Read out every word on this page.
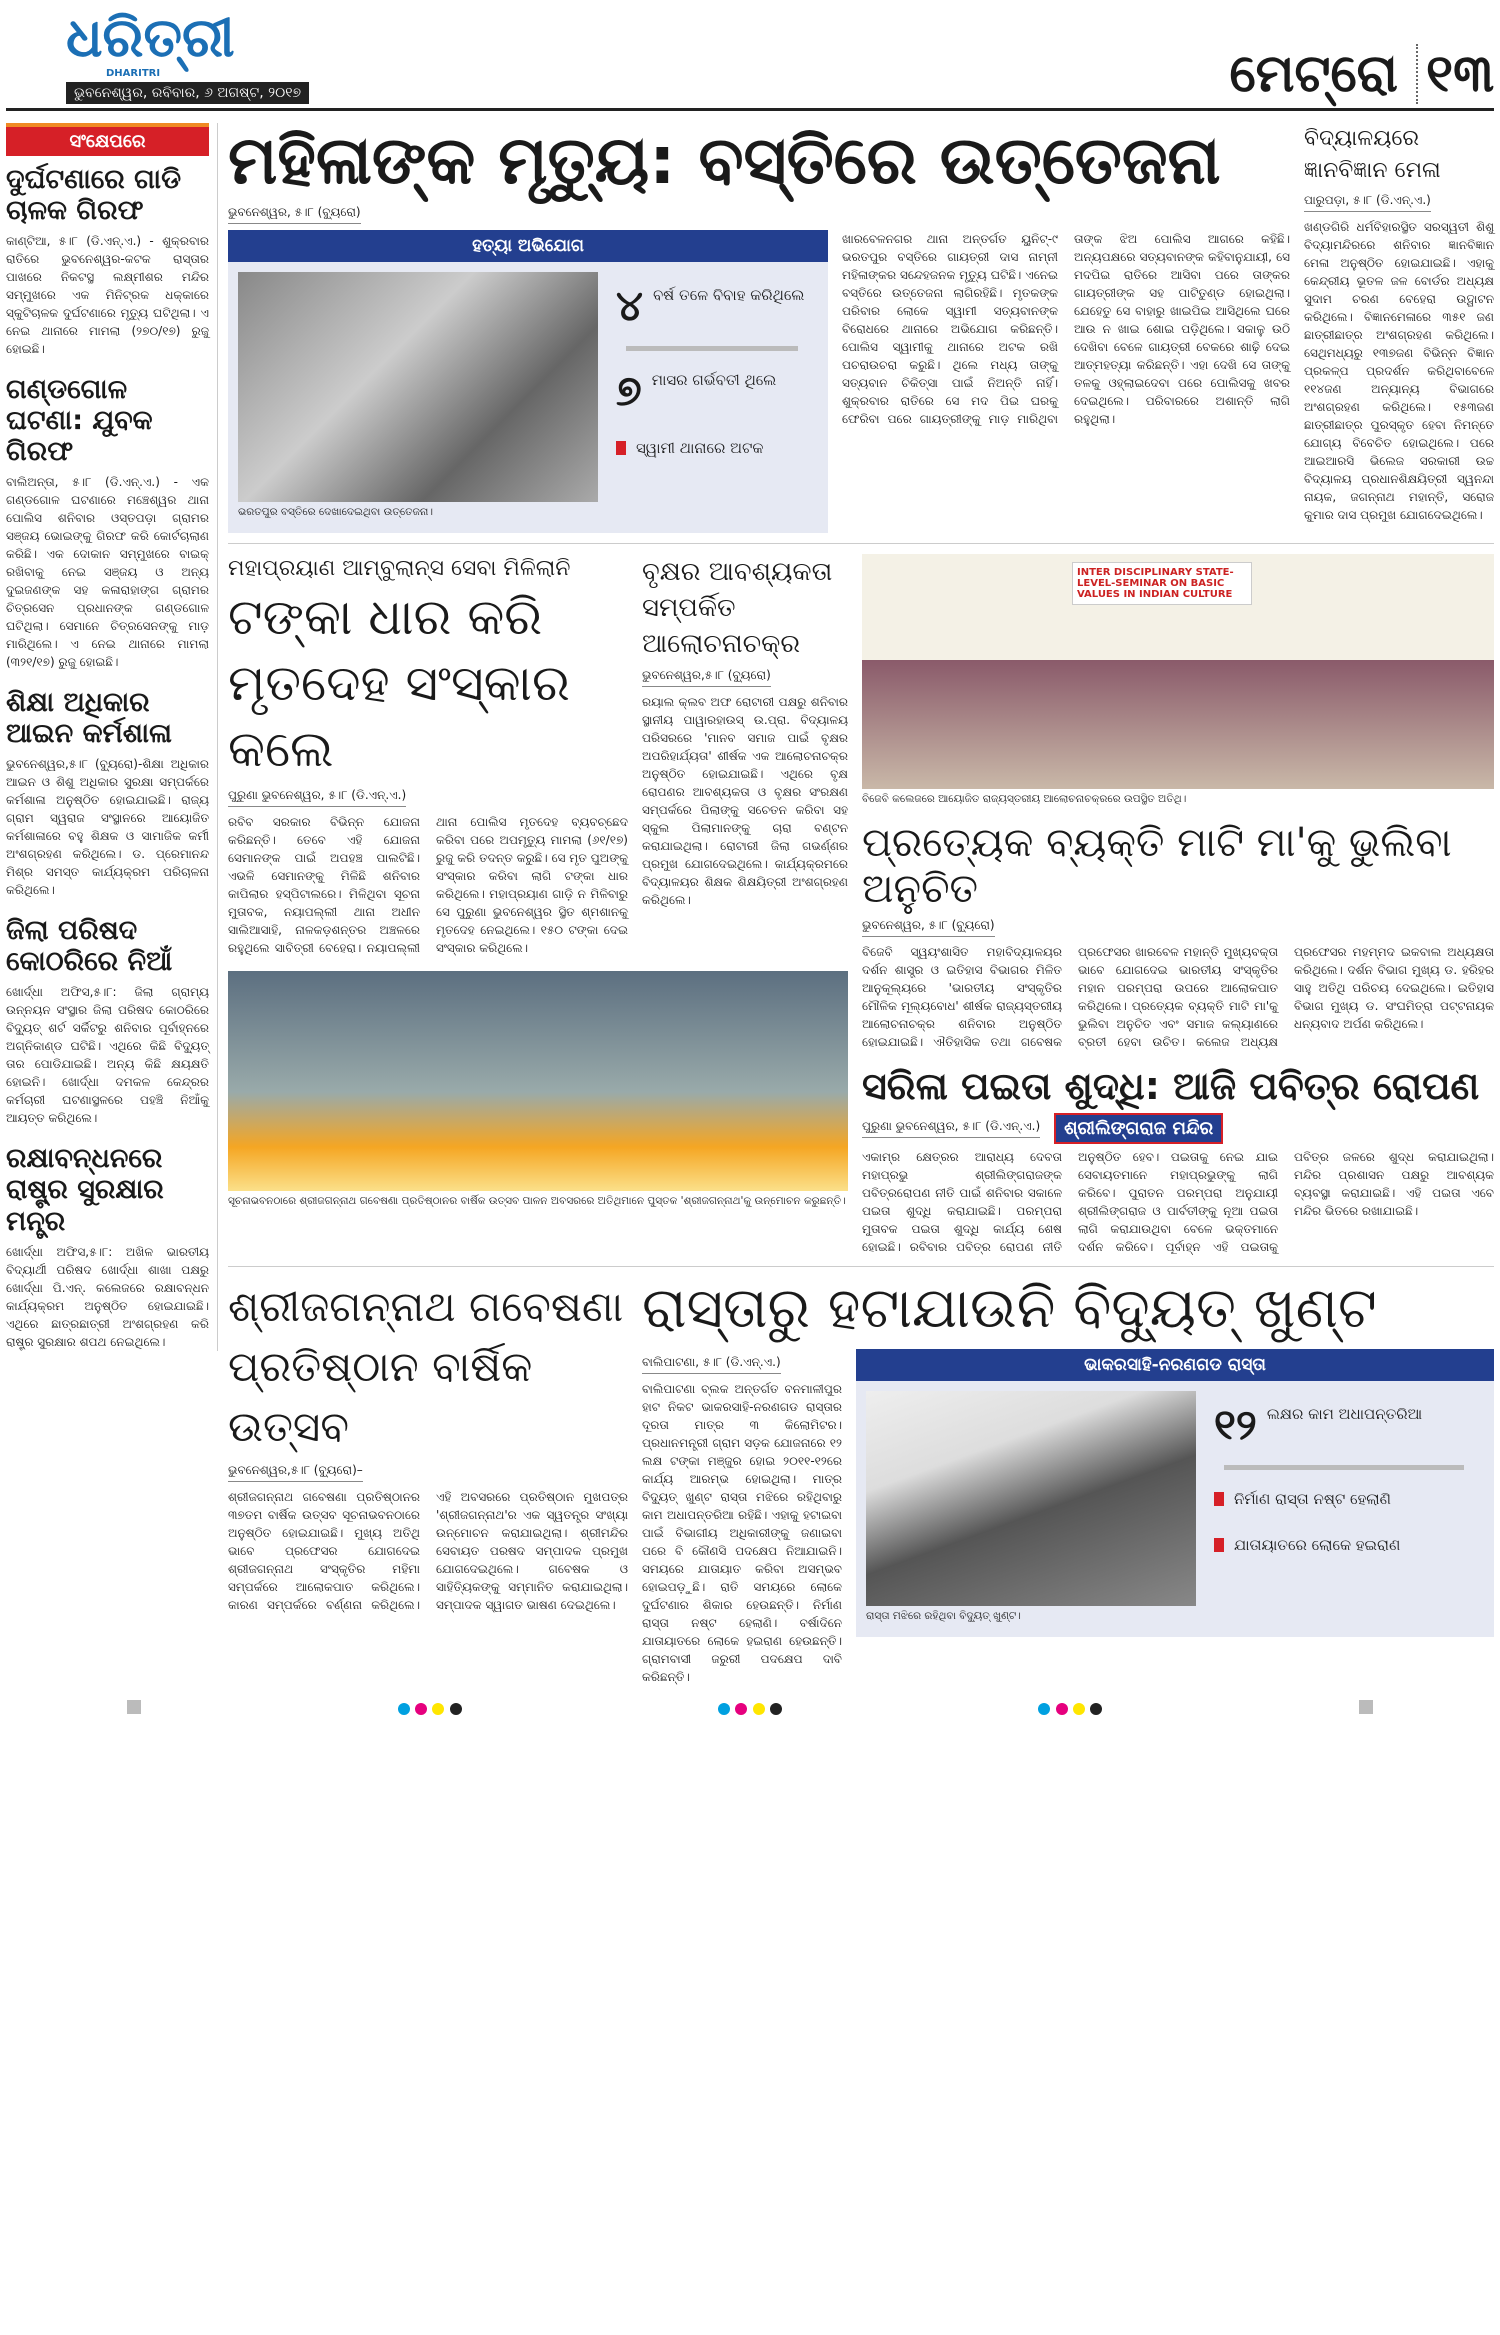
ଧରିତ୍ରୀ
DHARITRI
ଭୁବନେଶ୍ୱର, ରବିବାର, ୬ ଅଗଷ୍ଟ, ୨୦୧୭	ମେଟ୍ରୋ ୧୩
ସଂକ୍ଷେପରେ
ଦୁର୍ଘଟଣାରେ ଗାଡି ଚାଳକ ଗିରଫ
କାଣ୍ଟିଆ, ୫।୮ (ଡି.ଏନ୍.ଏ.) - ଶୁକ୍ରବାର ରାତିରେ ଭୁବନେଶ୍ୱର-କଟକ ରାସ୍ତାର ପାଖରେ ନିକଟସ୍ଥ ଲକ୍ଷ୍ମୀଶର ମନ୍ଦିର ସମ୍ମୁଖରେ ଏକ ମିନିଟ୍ରକ ଧକ୍କାରେ ସ୍କୁଟିଚାଳକ ଦୁର୍ଘଟଣାରେ ମୃତ୍ୟୁ ଘଟିଥିଲା। ଏ ନେଇ ଥାନାରେ ମାମଲା (୨୭୦/୧୭) ରୁଜୁ ହୋଇଛି।
ଗଣ୍ଡଗୋଳ ଘଟଣା: ଯୁବକ ଗିରଫ
ବାଲିଅନ୍ତା, ୫।୮ (ଡି.ଏନ୍.ଏ.) - ଏକ ଗଣ୍ଡଗୋଳ ଘଟଣାରେ ମଞ୍ଚେଶ୍ୱର ଥାନା ପୋଲିସ ଶନିବାର ଓସ୍ତପଡ଼ା ଗ୍ରାମର ସଞ୍ଜୟ ଭୋଇଙ୍କୁ ଗିରଫ କରି କୋର୍ଟଚାଲାଣ କରିଛି। ଏକ ଦୋକାନ ସମ୍ମୁଖରେ ବାଇକ୍ ରଖିବାକୁ ନେଇ ସଞ୍ଜୟ ଓ ଅନ୍ୟ ଦୁଇଜଣଙ୍କ ସହ କଳାରାହାଙ୍ଗ ଗ୍ରାମର ଚିତ୍ରସେନ ପ୍ରଧାନଙ୍କ ଗଣ୍ଡଗୋଳ ଘଟିଥିଲା। ସେମାନେ ଚିତ୍ରସେନଙ୍କୁ ମାଡ଼ ମାରିଥିଲେ। ଏ ନେଇ ଥାନାରେ ମାମଲା (୩୨୧/୧୭) ରୁଜୁ ହୋଇଛି।
ଶିକ୍ଷା ଅଧିକାର ଆଇନ କର୍ମଶାଳା
ଭୁବନେଶ୍ୱର,୫।୮ (ବ୍ୟୁରୋ)-ଶିକ୍ଷା ଅଧିକାର ଆଇନ ଓ ଶିଶୁ ଅଧିକାର ସୁରକ୍ଷା ସମ୍ପର୍କରେ କର୍ମଶାଳା ଅନୁଷ୍ଠିତ ହୋଇଯାଇଛି। ରାଜ୍ୟ ଗ୍ରାମ ସ୍ୱରାଜ ସଂସ୍ଥାନରେ ଆୟୋଜିତ କର୍ମଶାଳାରେ ବହୁ ଶିକ୍ଷକ ଓ ସାମାଜିକ କର୍ମୀ ଅଂଶଗ୍ରହଣ କରିଥିଲେ। ଡ. ପ୍ରେମାନନ୍ଦ ମିଶ୍ର ସମସ୍ତ କାର୍ଯ୍ୟକ୍ରମ ପରିଚାଳନା କରିଥିଲେ।
ଜିଲା ପରିଷଦ କୋଠରିରେ ନିଆଁ
ଖୋର୍ଦ୍ଧା ଅଫିସ,୫।୮: ଜିଲା ଗ୍ରାମ୍ୟ ଉନ୍ନୟନ ସଂସ୍ଥାର ଜିଲା ପରିଷଦ କୋଠରିରେ ବିଦ୍ୟୁତ୍ ଶର୍ଟ ସର୍କିଟରୁ ଶନିବାର ପୂର୍ବାହ୍ନରେ ଅଗ୍ନିକାଣ୍ଡ ଘଟିଛି। ଏଥିରେ କିଛି ବିଦ୍ୟୁତ୍ ତାର ପୋଡିଯାଇଛି। ଅନ୍ୟ କିଛି କ୍ଷୟକ୍ଷତି ହୋଇନି। ଖୋର୍ଦ୍ଧା ଦମକଳ କେନ୍ଦ୍ରର କର୍ମଚାରୀ ଘଟଣାସ୍ଥଳରେ ପହଞ୍ଚି ନିଆଁକୁ ଆୟତ୍ତ କରିଥିଲେ।
ରକ୍ଷାବନ୍ଧନରେ ରାଷ୍ଟ୍ର ସୁରକ୍ଷାର ମନ୍ତ୍ର
ଖୋର୍ଦ୍ଧା ଅଫିସ,୫।୮: ଅଖିଳ ଭାରତୀୟ ବିଦ୍ୟାର୍ଥୀ ପରିଷଦ ଖୋର୍ଦ୍ଧା ଶାଖା ପକ୍ଷରୁ ଖୋର୍ଦ୍ଧା ପି.ଏନ୍. କଲେଜରେ ରକ୍ଷାବନ୍ଧନ କାର୍ଯ୍ୟକ୍ରମ ଅନୁଷ୍ଠିତ ହୋଇଯାଇଛି। ଏଥିରେ ଛାତ୍ରଛାତ୍ରୀ ଅଂଶଗ୍ରହଣ କରି ରାଷ୍ଟ୍ର ସୁରକ୍ଷାର ଶପଥ ନେଇଥିଲେ।
ମହିଳାଙ୍କ ମୃତ୍ୟୁ: ବସ୍ତିରେ ଉତ୍ତେଜନା
ଭୁବନେଶ୍ୱର, ୫।୮ (ବ୍ୟୁରୋ)
ହତ୍ୟା ଅଭିଯୋଗ
ଭରତପୁର ବସ୍ତିରେ ଦେଖାଦେଇଥିବା ଉତ୍ତେଜନା।
୪ ବର୍ଷ ତଳେ ବିବାହ କରିଥିଲେ
୭ ମାସର ଗର୍ଭବତୀ ଥିଲେ
ସ୍ୱାମୀ ଥାନାରେ ଅଟକ
ଖାରବେଳନଗର ଥାନା ଅନ୍ତର୍ଗତ ୟୁନିଟ୍-୯ ଭରତପୁର ବସ୍ତିରେ ଗାୟତ୍ରୀ ଦାସ ନାମ୍ନୀ ମହିଳାଙ୍କର ସନ୍ଦେହଜନକ ମୃତ୍ୟୁ ଘଟିଛି। ଏନେଇ ବସ୍ତିରେ ଉତ୍ତେଜନା ଲାଗିରହିଛି। ମୃତକଙ୍କ ପରିବାର ଲୋକେ ସ୍ୱାମୀ ସତ୍ୟବାନଙ୍କ ବିରୋଧରେ ଥାନାରେ ଅଭିଯୋଗ କରିଛନ୍ତି। ପୋଲିସ ସ୍ୱାମୀକୁ ଥାନାରେ ଅଟକ ରଖି ପଚରାଉଚରା କରୁଛି। ଥିଲେ ମଧ୍ୟ ତାଙ୍କୁ ସତ୍ୟବାନ ଚିକିତ୍ସା ପାଇଁ ନିଅନ୍ତି ନାହିଁ। ଶୁକ୍ରବାର ରାତିରେ ସେ ମଦ ପିଇ ଘରକୁ ଫେରିବା ପରେ ଗାୟତ୍ରୀଙ୍କୁ ମାଡ଼ ମାରିଥିବା ତାଙ୍କ ଝିଅ ପୋଲିସ ଆଗରେ କହିଛି। ଅନ୍ୟପକ୍ଷରେ ସତ୍ୟବାନଙ୍କ କହିବାନୁଯାୟୀ, ସେ ମଦପିଇ ରାତିରେ ଆସିବା ପରେ ତାଙ୍କର ଗାୟତ୍ରୀଙ୍କ ସହ ପାଟିତୁଣ୍ଡ ହୋଇଥିଲା। ଯେହେତୁ ସେ ବାହାରୁ ଖାଇପିଇ ଆସିଥିଲେ ଘରେ ଆଉ ନ ଖାଇ ଶୋଇ ପଡ଼ିଥିଲେ। ସକାଳୁ ଉଠି ଦେଖିବା ବେଳେ ଗାୟତ୍ରୀ ବେକରେ ଶାଢ଼ି ଦେଇ ଆତ୍ମହତ୍ୟା କରିଛନ୍ତି। ଏହା ଦେଖି ସେ ତାଙ୍କୁ ତଳକୁ ଓହ୍ଲାଇଦେବା ପରେ ପୋଲିସକୁ ଖବର ଦେଇଥିଲେ। ପରିବାରରେ ଅଶାନ୍ତି ଲାଗି ରହୁଥିଲା।
ବିଦ୍ୟାଳୟରେ ଜ୍ଞାନବିଜ୍ଞାନ ମେଳା
ପାରୁପଡ଼ା, ୫।୮ (ଡି.ଏନ୍.ଏ.)
ଖଣ୍ଡଗିରି ଧର୍ମବିହାରସ୍ଥିତ ସରସ୍ୱତୀ ଶିଶୁ ବିଦ୍ୟାମନ୍ଦିରରେ ଶନିବାର ଜ୍ଞାନବିଜ୍ଞାନ ମେଳା ଅନୁଷ୍ଠିତ ହୋଇଯାଇଛି। ଏହାକୁ କେନ୍ଦ୍ରୀୟ ଭୂତଳ ଜଳ ବୋର୍ଡର ଅଧ୍ୟକ୍ଷ ସୁଦାମ ଚରଣ ବେହେରା ଉଦ୍ଘାଟନ କରିଥିଲେ। ବିଜ୍ଞାନମେଳାରେ ୩୫୧ ଜଣ ଛାତ୍ରୀଛାତ୍ର ଅଂଶଗ୍ରହଣ କରିଥିଲେ। ସେଥିମଧ୍ୟରୁ ୧୩୭ଜଣ ବିଭିନ୍ନ ବିଜ୍ଞାନ ପ୍ରକଳ୍ପ ପ୍ରଦର୍ଶନ କରିଥିବାବେଳେ ୧୧୪ଜଣ ଅନ୍ୟାନ୍ୟ ବିଭାଗରେ ଅଂଶଗ୍ରହଣ କରିଥିଲେ। ୧୫୩ଜଣ ଛାତ୍ରୀଛାତ୍ର ପୁରସ୍କୃତ ହେବା ନିମନ୍ତେ ଯୋଗ୍ୟ ବିବେଚିତ ହୋଇଥିଲେ। ପରେ ଆଇଆରସି ଭିଲେଜ ସରକାରୀ ଉଚ୍ଚ ବିଦ୍ୟାଳୟ ପ୍ରଧାନଶିକ୍ଷୟିତ୍ରୀ ସ୍ୱନନ୍ଦା ନାୟକ, ଜଗନ୍ନାଥ ମହାନ୍ତି, ସରୋଜ କୁମାର ଦାସ ପ୍ରମୁଖ ଯୋଗଦେଇଥିଲେ।
ମହାପ୍ରୟାଣ ଆମ୍ବୁଲାନ୍ସ ସେବା ମିଳିଲାନି
ଟଙ୍କା ଧାର କରି ମୃତଦେହ ସଂସ୍କାର କଲେ
ପୁରୁଣା ଭୁବନେଶ୍ୱର, ୫।୮ (ଡି.ଏନ୍.ଏ.)
ରବିବ ସରକାର ବିଭିନ୍ନ ଯୋଜନା କରିଛନ୍ତି। ତେବେ ଏହି ଯୋଜନା ସେମାନଙ୍କ ପାଇଁ ଅପହଞ୍ଚ ପାଲଟିଛି। ଏଭଳି ସେମାନଙ୍କୁ ମିଳିଛି ଶନିବାର କାପିଲାର ହସ୍ପିଟାଲରେ। ମିଳିଥିବା ସୂଚନା ମୁତାବକ, ନୟାପଲ୍ଲୀ ଥାନା ଅଧୀନ ସାଲିଆସାହି, ନାଳକଡ଼ଶନ୍ତର ଅଞ୍ଚଳରେ ରହୁଥିଲେ ସାବିତ୍ରୀ ବେହେରା। ନୟାପଲ୍ଲୀ ଥାନା ପୋଲିସ ମୃତଦେହ ବ୍ୟବଚ୍ଛେଦ କରିବା ପରେ ଅପମୃତ୍ୟୁ ମାମଲା (୬୧/୧୭) ରୁଜୁ କରି ତଦନ୍ତ କରୁଛି। ସେ ମୃତ ପୁଅଙ୍କୁ ସଂସ୍କାର କରିବା ଲାଗି ଟଙ୍କା ଧାର କରିଥିଲେ। ମହାପ୍ରୟାଣ ଗାଡ଼ି ନ ମିଳିବାରୁ ସେ ପୁରୁଣା ଭୁବନେଶ୍ୱର ସ୍ଥିତ ଶ୍ମଶାନକୁ ମୃତଦେହ ନେଇଥିଲେ। ୧୫୦ ଟଙ୍କା ଦେଇ ସଂସ୍କାର କରିଥିଲେ।
ବୃକ୍ଷର ଆବଶ୍ୟକତା ସମ୍ପର୍କିତ ଆଲୋଚନାଚକ୍ର
ଭୁବନେଶ୍ୱର,୫।୮ (ବ୍ୟୁରୋ)
ରୟାଲ କ୍ଲବ ଅଫ ରୋଟାରୀ ପକ୍ଷରୁ ଶନିବାର ସ୍ଥାନୀୟ ପାୱାରହାଉସ୍ ଉ.ପ୍ରା. ବିଦ୍ୟାଳୟ ପରିସରରେ 'ମାନବ ସମାଜ ପାଇଁ ବୃକ୍ଷର ଅପରିହାର୍ଯ୍ୟତା' ଶୀର୍ଷକ ଏକ ଆଲୋଚନାଚକ୍ର ଅନୁଷ୍ଠିତ ହୋଇଯାଇଛି। ଏଥିରେ ବୃକ୍ଷ ରୋପଣର ଆବଶ୍ୟକତା ଓ ବୃକ୍ଷର ସଂରକ୍ଷଣ ସମ୍ପର୍କରେ ପିଲାଙ୍କୁ ସଚେତନ କରିବା ସହ ସ୍କୁଲ ପିଲାମାନଙ୍କୁ ଚାରା ବଣ୍ଟନ କରାଯାଇଥିଲା। ରୋଟାରୀ ଜିଲା ଗଭର୍ଣ୍ଣର ପ୍ରମୁଖ ଯୋଗଦେଇଥିଲେ। କାର୍ଯ୍ୟକ୍ରମରେ ବିଦ୍ୟାଳୟର ଶିକ୍ଷକ ଶିକ୍ଷୟିତ୍ରୀ ଅଂଶଗ୍ରହଣ କରିଥିଲେ।
ସୂଚନାଭବନଠାରେ ଶ୍ରୀଜଗନ୍ନାଥ ଗବେଷଣା ପ୍ରତିଷ୍ଠାନର ବାର୍ଷିକ ଉତ୍ସବ ପାଳନ ଅବସରରେ ଅତିଥିମାନେ ପୁସ୍ତକ 'ଶ୍ରୀଜଗନ୍ନାଥ'କୁ ଉନ୍ମୋଚନ କରୁଛନ୍ତି।
INTER DISCIPLINARY STATE-LEVEL-SEMINAR ON BASIC VALUES IN INDIAN CULTURE
ବିଜେବି କଲେଜରେ ଆୟୋଜିତ ରାଜ୍ୟସ୍ତରୀୟ ଆଲୋଚନାଚକ୍ରରେ ଉପସ୍ଥିତ ଅତିଥି।
ପ୍ରତ୍ୟେକ ବ୍ୟକ୍ତି ମାଟି ମା'କୁ ଭୁଲିବା ଅନୁଚିତ
ଭୁବନେଶ୍ୱର, ୫।୮ (ବ୍ୟୁରୋ)
ବିଜେବି ସ୍ୱୟଂଶାସିତ ମହାବିଦ୍ୟାଳୟର ଦର୍ଶନ ଶାସ୍ତ୍ର ଓ ଇତିହାସ ବିଭାଗର ମିଳିତ ଆନୁକୂଲ୍ୟରେ 'ଭାରତୀୟ ସଂସ୍କୃତିର ମୌଳିକ ମୂଲ୍ୟବୋଧ' ଶୀର୍ଷକ ରାଜ୍ୟସ୍ତରୀୟ ଆଲୋଚନାଚକ୍ର ଶନିବାର ଅନୁଷ୍ଠିତ ହୋଇଯାଇଛି। ଐତିହାସିକ ତଥା ଗବେଷକ ପ୍ରଫେସର ଖାରବେଳ ମହାନ୍ତି ମୁଖ୍ୟବକ୍ତା ଭାବେ ଯୋଗଦେଇ ଭାରତୀୟ ସଂସ୍କୃତିର ମହାନ ପରମ୍ପରା ଉପରେ ଆଲୋକପାତ କରିଥିଲେ। ପ୍ରତ୍ୟେକ ବ୍ୟକ୍ତି ମାଟି ମା'କୁ ଭୁଲିବା ଅନୁଚିତ ଏବଂ ସମାଜ କଲ୍ୟାଣରେ ବ୍ରତୀ ହେବା ଉଚିତ। କଲେଜ ଅଧ୍ୟକ୍ଷ ପ୍ରଫେସର ମହମ୍ମଦ ଇକବାଲ ଅଧ୍ୟକ୍ଷତା କରିଥିଲେ। ଦର୍ଶନ ବିଭାଗ ମୁଖ୍ୟ ଡ. ହରିହର ସାହୁ ଅତିଥି ପରିଚୟ ଦେଇଥିଲେ। ଇତିହାସ ବିଭାଗ ମୁଖ୍ୟ ଡ. ସଂଘମିତ୍ରା ପଟ୍ଟନାୟକ ଧନ୍ୟବାଦ ଅର୍ପଣ କରିଥିଲେ।
ସରିଳା ପଇତା ଶୁଦ୍ଧି: ଆଜି ପବିତ୍ର ରୋପଣ
ପୁରୁଣା ଭୁବନେଶ୍ୱର, ୫।୮ (ଡି.ଏନ୍.ଏ.)	ଶ୍ରୀଲିଙ୍ଗରାଜ ମନ୍ଦିର
ଏକାମ୍ର କ୍ଷେତ୍ରର ଆରାଧ୍ୟ ଦେବତା ମହାପ୍ରଭୁ ଶ୍ରୀଲିଙ୍ଗରାଜଙ୍କ ପବିତ୍ରରୋପଣ ନୀତି ପାଇଁ ଶନିବାର ସକାଳେ ପଇତା ଶୁଦ୍ଧି କରାଯାଇଛି। ପରମ୍ପରା ମୁତାବକ ପଇତା ଶୁଦ୍ଧି କାର୍ଯ୍ୟ ଶେଷ ହୋଇଛି। ରବିବାର ପବିତ୍ର ରୋପଣ ନୀତି ଅନୁଷ୍ଠିତ ହେବ। ପଇତାକୁ ନେଇ ଯାଇ ସେବାୟତମାନେ ମହାପ୍ରଭୁଙ୍କୁ ଲାଗି କରିବେ। ପୁରାତନ ପରମ୍ପରା ଅନୁଯାୟୀ ଶ୍ରୀଲିଙ୍ଗରାଜ ଓ ପାର୍ବତୀଙ୍କୁ ନୂଆ ପଇତା ଲାଗି କରାଯାଉଥିବା ବେଳେ ଭକ୍ତମାନେ ଦର୍ଶନ କରିବେ। ପୂର୍ବାହ୍ନ ଏହି ପଇତାକୁ ପବିତ୍ର ଜଳରେ ଶୁଦ୍ଧ କରାଯାଇଥିଲା। ମନ୍ଦିର ପ୍ରଶାସନ ପକ୍ଷରୁ ଆବଶ୍ୟକ ବ୍ୟବସ୍ଥା କରାଯାଇଛି। ଏହି ପଇତା ଏବେ ମନ୍ଦିର ଭିତରେ ରଖାଯାଇଛି।
ଶ୍ରୀଜଗନ୍ନାଥ ଗବେଷଣା ପ୍ରତିଷ୍ଠାନ ବାର୍ଷିକ ଉତ୍ସବ
ଭୁବନେଶ୍ୱର,୫।୮ (ବ୍ୟୁରୋ)–
ଶ୍ରୀଜଗନ୍ନାଥ ଗବେଷଣା ପ୍ରତିଷ୍ଠାନର ୩୭ତମ ବାର୍ଷିକ ଉତ୍ସବ ସୂଚନାଭବନଠାରେ ଅନୁଷ୍ଠିତ ହୋଇଯାଇଛି। ମୁଖ୍ୟ ଅତିଥି ଭାବେ ପ୍ରଫେସର ଯୋଗଦେଇ ଶ୍ରୀଜଗନ୍ନାଥ ସଂସ୍କୃତିର ମହିମା ସମ୍ପର୍କରେ ଆଲୋକପାତ କରିଥିଲେ। କାରଣ ସମ୍ପର୍କରେ ବର୍ଣ୍ଣନା କରିଥିଲେ। ଏହି ଅବସରରେ ପ୍ରତିଷ୍ଠାନ ମୁଖପତ୍ର 'ଶ୍ରୀଜଗନ୍ନାଥ'ର ଏକ ସ୍ୱତନ୍ତ୍ର ସଂଖ୍ୟା ଉନ୍ମୋଚନ କରାଯାଇଥିଲା। ଶ୍ରୀମନ୍ଦିର ସେବାୟତ ପରଷଦ ସମ୍ପାଦକ ପ୍ରମୁଖ ଯୋଗଦେଇଥିଲେ। ଗବେଷକ ଓ ସାହିତ୍ୟିକଙ୍କୁ ସମ୍ମାନିତ କରାଯାଇଥିଲା। ସମ୍ପାଦକ ସ୍ୱାଗତ ଭାଷଣ ଦେଇଥିଲେ।
ରାସ୍ତାରୁ ହଟାଯାଉନି ବିଦ୍ୟୁତ୍ ଖୁଣ୍ଟ
ବାଲିପାଟଣା, ୫।୮ (ଡି.ଏନ୍.ଏ.)
ବାଲିପାଟଣା ବ୍ଲକ ଅନ୍ତର୍ଗତ ବନମାଳୀପୁର ହାଟ ନିକଟ ଭାକରସାହି-ନରଣଗଡ ରାସ୍ତାର ଦୂରତା ମାତ୍ର ୩ କିଲୋମିଟର। ପ୍ରଧାନମନ୍ତ୍ରୀ ଗ୍ରାମ ସଡ଼କ ଯୋଜନାରେ ୧୨ ଲକ୍ଷ ଟଙ୍କା ମଞ୍ଜୁର ହୋଇ ୨୦୧୧-୧୨ରେ କାର୍ଯ୍ୟ ଆରମ୍ଭ ହୋଇଥିଲା। ମାତ୍ର ବିଦ୍ୟୁତ୍ ଖୁଣ୍ଟ ରାସ୍ତା ମଝିରେ ରହିଥିବାରୁ କାମ ଅଧାପନ୍ତରିଆ ରହିଛି। ଏହାକୁ ହଟାଇବା ପାଇଁ ବିଭାଗୀୟ ଅଧିକାରୀଙ୍କୁ ଜଣାଇବା ପରେ ବି କୌଣସି ପଦକ୍ଷେପ ନିଆଯାଇନି। ସମୟରେ ଯାତାୟାତ କରିବା ଅସମ୍ଭବ ହୋଇପଡ଼ୁଛି। ରାତି ସମୟରେ ଲୋକେ ଦୁର୍ଘଟଣାର ଶିକାର ହେଉଛନ୍ତି। ନିର୍ମାଣ ରାସ୍ତା ନଷ୍ଟ ହେଲାଣି। ବର୍ଷାଦିନେ ଯାତାୟାତରେ ଲୋକେ ହଇରାଣ ହେଉଛନ୍ତି। ଗ୍ରାମବାସୀ ଜରୁରୀ ପଦକ୍ଷେପ ଦାବି କରିଛନ୍ତି।
ଭାକରସାହି-ନରଣଗଡ ରାସ୍ତା
ରାସ୍ତା ମଝିରେ ରହିଥିବା ବିଦ୍ୟୁତ୍ ଖୁଣ୍ଟ।
୧୨ ଲକ୍ଷର କାମ ଅଧାପନ୍ତରିଆ
ନିର୍ମାଣ ରାସ୍ତା ନଷ୍ଟ ହେଲାଣି
ଯାତାୟାତରେ ଲୋକେ ହଇରାଣ
